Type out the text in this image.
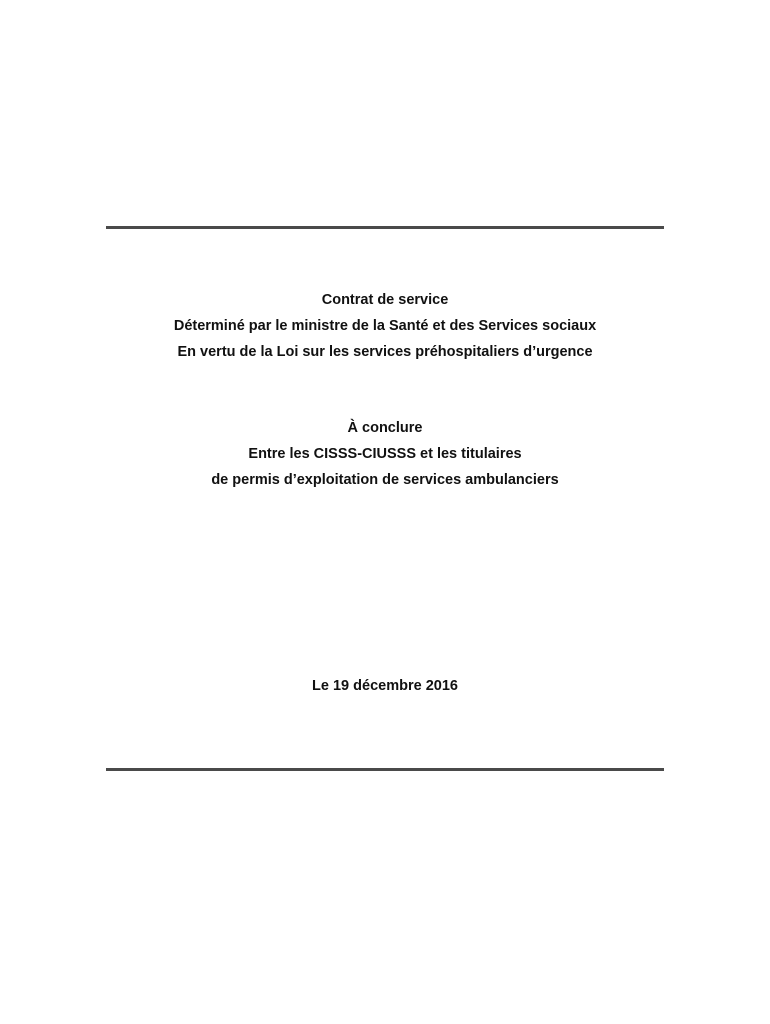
Contrat de service
Déterminé par le ministre de la Santé et des Services sociaux
En vertu de la Loi sur les services préhospitaliers d’urgence
À conclure
Entre les CISSS-CIUSSS et les titulaires
de permis d’exploitation de services ambulanciers
Le 19 décembre 2016
